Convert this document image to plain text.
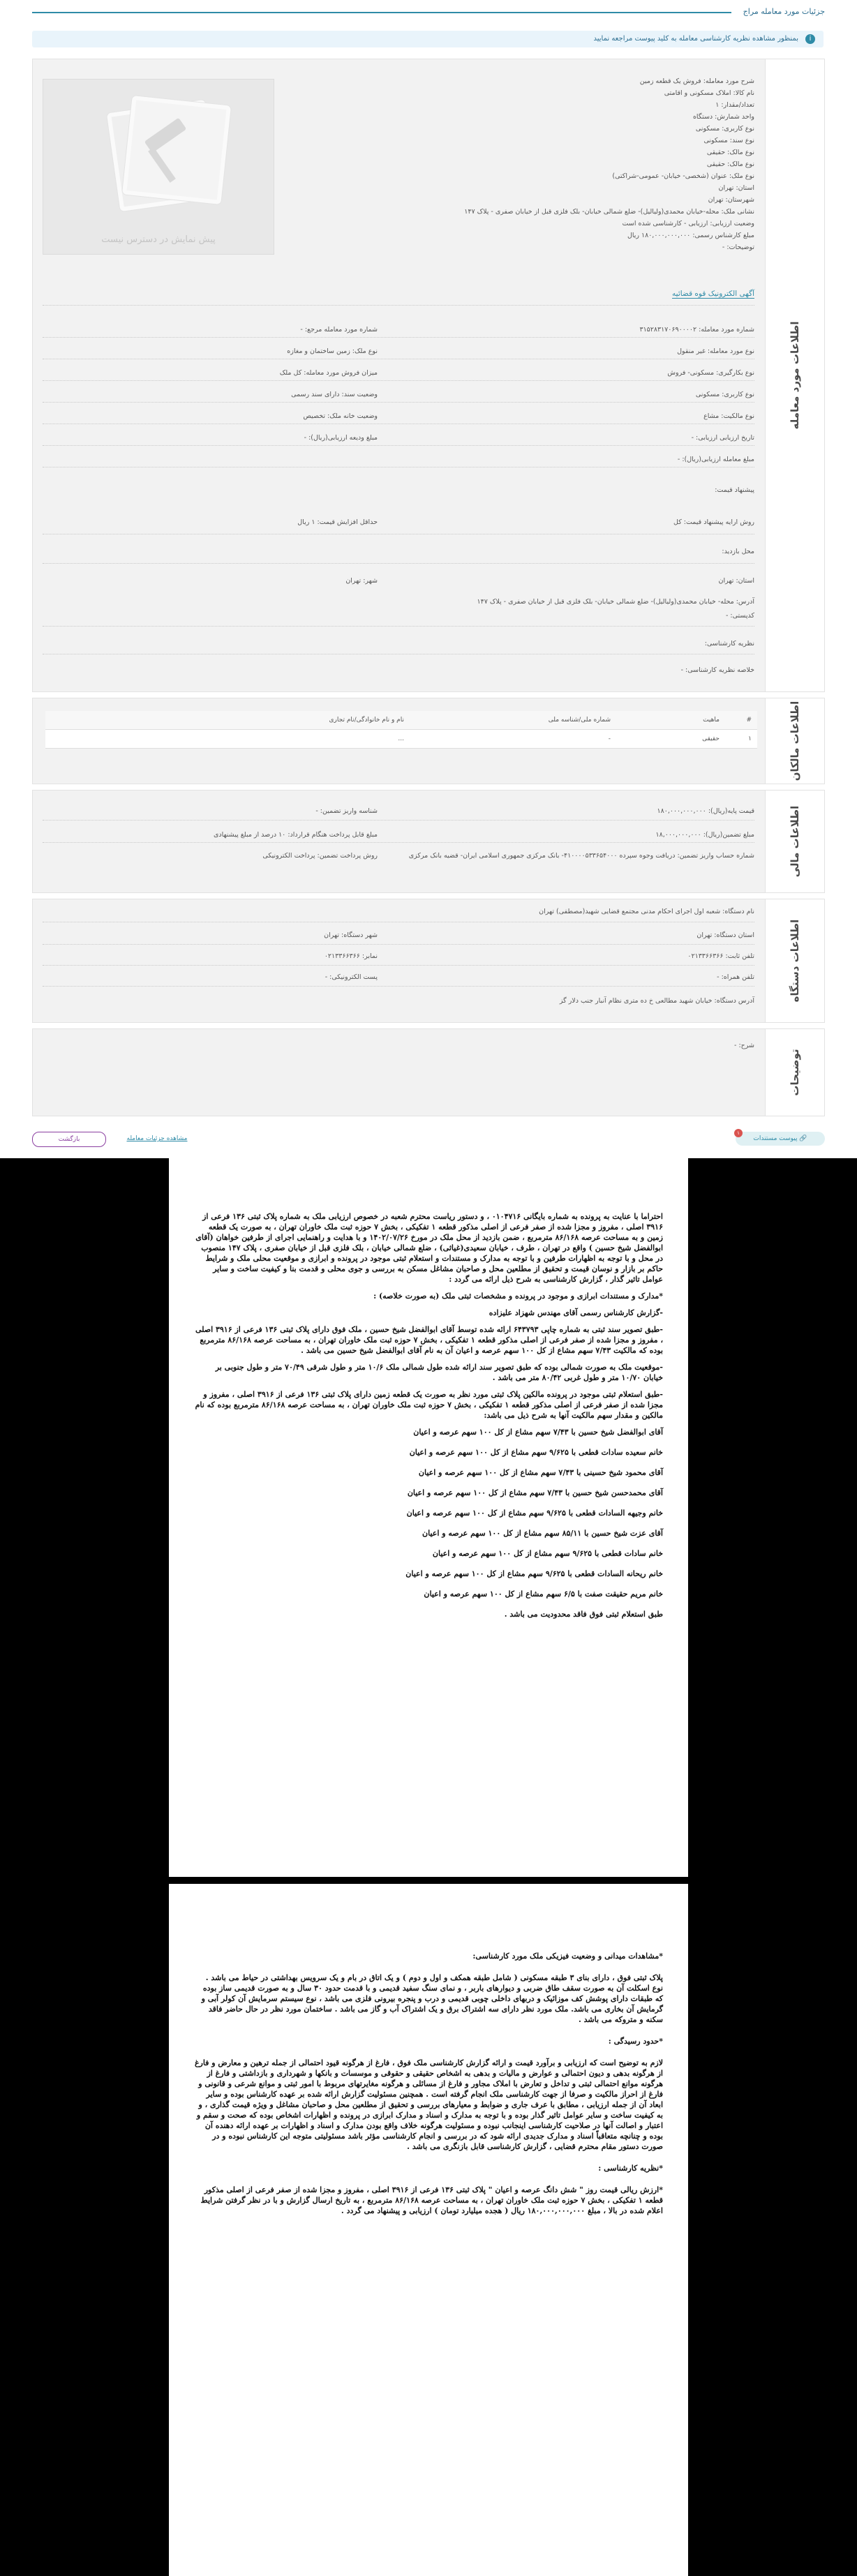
جزئیات مورد معامله مراج
i
بمنظور مشاهده نظریه کارشناسی معامله به کلید پیوست مراجعه نمایید
اطلاعات مورد معامله
شرح مورد معامله: فروش یک قطعه زمین
نام کالا: املاک مسکونی و اقامتی
تعداد/مقدار: ۱
واحد شمارش: دستگاه
نوع کاربری: مسکونی
نوع سند: مسکونی
نوع مالک: حقیقی
نوع مالک: حقیقی
نوع ملک: عنوان (شخصی- خیابان- عمومی-شراکتی)
استان: تهران
شهرستان: تهران
نشانی ملک: محله-خیابان محمدی(ولیالیل)- ضلع شمالی خیابان- بلک فلزی قبل از خیابان صفری - پلاک ۱۴۷
وضعیت ارزیابی: ارزیابی - کارشناسی شده است
مبلغ کارشناس رسمی: ۱۸۰,۰۰۰,۰۰۰,۰۰۰ ریال
توضیحات: -
پیش نمایش در دسترس نیست
آگهی الکترونیک قوه قضائیه
شماره مورد معامله: ۳۱۵۲۸۳۱۷۰۶۹۰۰۰۰۲
نوع مورد معامله: غیر منقول
نوع بکارگیری: مسکونی- فروش
نوع کاربری: مسکونی
نوع مالکیت: مشاع
تاریخ ارزیابی ارزیابی: -
مبلغ معامله ارزیابی(ریال): -
شماره مورد معامله مرجع: -
نوع ملک: زمین ساختمان و مغازه
میزان فروش مورد معامله: کل ملک
وضعیت سند: دارای سند رسمی
وضعیت خانه ملک: تخصیص
مبلغ ودیعه ارزیابی(ریال): -
پیشنهاد قیمت:
روش ارایه پیشنهاد قیمت: کل
حداقل افزایش قیمت: ۱ ریال
محل بازدید:
استان: تهران
شهر: تهران
آدرس: محله- خیابان محمدی(ولیالیل)- ضلع شمالی خیابان- بلک فلزی قبل از خیابان صفری - پلاک ۱۴۷
کدپستی: -
نظریه کارشناسی:
خلاصه نظریه کارشناسی: -
اطلاعات مالکان
#	ماهیت	شماره ملی/شناسه ملی	نام و نام خانوادگی/نام تجاری
۱	حقیقی	-	...
اطلاعات مالی
قیمت پایه(ریال): ۱۸۰,۰۰۰,۰۰۰,۰۰۰
مبلغ تضمین(ریال): ۱۸,۰۰۰,۰۰۰,۰۰۰
شماره حساب واریز تضمین: دریافت وجوه سپرده ۴۱۰۰۰۰۵۳۳۶۵۴۰۰۰- بانک مرکزی جمهوری اسلامی ایران- قضیه بانک مرکزی
شناسه واریز تضمین: -
مبلغ قابل پرداخت هنگام قرارداد: ۱۰ درصد از مبلغ پیشنهادی
روش پرداخت تضمین: پرداخت الکترونیکی
اطلاعات دستگاه
نام دستگاه: شعبه اول اجرای احکام مدنی مجتمع قضایی شهید(مصطفی) تهران
استان دستگاه: تهران
شهر دستگاه: تهران
تلفن ثابت: ۰۲۱۳۳۶۶۳۶۶
نمابر: ۰۲۱۳۳۶۶۳۶۶
تلفن همراه: -
پست الکترونیکی: -
آدرس دستگاه: خیابان شهید مطالعی خ ده متری نظام آنبار جنب دلار گز
توضیحات
شرح: -
🔗 پیوست مستندات
۱
مشاهده جزئیات معامله
بازگشت

احتراما با عنایت به پرونده به شماره بایگانی ۰۱۰۴۷۱۶ ، و دستور ریاست محترم شعبه در خصوص ارزیابی ملک به شماره پلاک ثبتی ۱۳۶ فرعی از ۳۹۱۶ اصلی ، مفروز و مجزا شده از صفر فرعی از اصلی مذکور قطعه ۱ تفکیکی ، بخش ۷ حوزه ثبت ملک خاوران تهران ، به صورت یک قطعه زمین و به مساحت عرصه ۸۶/۱۶۸ مترمربع ، ضمن بازدید از محل ملک در مورخ ۱۴۰۲/۰۷/۲۶ و با هدایت و راهنمایی اجرای از طرفین خواهان (آقای ابوالفضل شیخ حسین ) واقع در تهران ، طرف ، خیابان سعیدی(غیاثی) ، ضلع شمالی خیابان ، بلک فلزی قبل از خیابان صفری ، پلاک ۱۴۷ منصوب در محل و با توجه به اظهارات طرفین و با توجه به مدارک و مستندات و استعلام ثبتی موجود در پرونده و ابرازی و موقعیت محلی ملک و شرایط حاکم بر بازار و نوسان قیمت و تحقیق از مطلعین محل و صاحبان مشاغل مسکن به بررسی و جوی محلی و قدمت بنا و کیفیت ساخت و سایر عوامل تاثیر گذار ، گزارش کارشناسی به شرح ذیل ارائه می گردد :

*مدارک و مستندات ابرازی و موجود در پرونده و مشخصات ثبتی ملک (به صورت خلاصه) :

-گزارش کارشناس رسمی آقای مهندس شهزاد علیزاده

-طبق تصویر سند ثبتی به شماره چاپی ۶۴۳۷۹۳ ارائه شده توسط آقای ابوالفضل شیخ حسین ، ملک فوق دارای پلاک ثبتی ۱۳۶ فرعی از ۳۹۱۶ اصلی ، مفروز و مجزا شده از صفر فرعی از اصلی مذکور قطعه ۱ تفکیکی ، بخش ۷ حوزه ثبت ملک خاوران تهران ، به مساحت عرصه ۸۶/۱۶۸ مترمربع بوده که مالکیت ۷/۴۳ سهم مشاع از کل ۱۰۰ سهم عرصه و اعیان آن به نام آقای ابوالفضل شیخ حسین می باشد .

-موقعیت ملک به صورت شمالی بوده که طبق تصویر سند ارائه شده طول شمالی ملک ۱۰/۶ متر و طول شرقی ۷۰/۴۹ متر و طول جنوبی بر خیابان ۱۰/۷۰ متر و طول غربی ۸۰/۴۲ متر می باشد .

-طبق استعلام ثبتی موجود در پرونده مالکین پلاک ثبتی مورد نظر به صورت یک قطعه زمین دارای پلاک ثبتی ۱۳۶ فرعی از ۳۹۱۶ اصلی ، مفروز و مجزا شده از صفر فرعی از اصلی مذکور قطعه ۱ تفکیکی ، بخش ۷ حوزه ثبت ملک خاوران تهران ، به مساحت عرصه ۸۶/۱۶۸ مترمربع بوده که نام مالکین و مقدار سهم مالکیت آنها به شرح ذیل می باشد:

آقای ابوالفضل شیخ حسین با ۷/۴۳ سهم مشاع از کل ۱۰۰ سهم عرصه و اعیان

خانم سعیده سادات قطعی با ۹/۶۲۵ سهم مشاع از کل ۱۰۰ سهم عرصه و اعیان

آقای محمود شیخ حسینی با ۷/۴۳ سهم مشاع از کل ۱۰۰ سهم عرصه و اعیان

آقای محمدحسن شیخ حسین با ۷/۴۳ سهم مشاع از کل ۱۰۰ سهم عرصه و اعیان

خانم وجیهه السادات قطعی با ۹/۶۲۵ سهم مشاع از کل ۱۰۰ سهم عرصه و اعیان

آقای عزت شیخ حسین با ۸۵/۱۱ سهم مشاع از کل ۱۰۰ سهم عرصه و اعیان

خانم سادات قطعی با ۹/۶۲۵ سهم مشاع از کل ۱۰۰ سهم عرصه و اعیان

خانم ریحانه السادات قطعی با ۹/۶۲۵ سهم مشاع از کل ۱۰۰ سهم عرصه و اعیان

خانم مریم حقیقت صفت با ۶/۵ سهم مشاع از کل ۱۰۰ سهم عرصه و اعیان

طبق استعلام ثبتی فوق فاقد محدودیت می باشد .

*مشاهدات میدانی و وضعیت فیزیکی ملک مورد کارشناسی:

پلاک ثبتی فوق ، دارای بنای ۳ طبقه مسکونی ( شامل طبقه همکف و اول و دوم ) و یک اتاق در بام و یک سرویس بهداشتی در حیاط می باشد . نوع اسکلت آن به صورت سقف طاق ضربی و دیوارهای باربر ، و نمای سنگ سفید قدیمی و با قدمت حدود ۳۰ سال و به صورت قدیمی ساز بوده که طبقات دارای پوشش کف موزائیک و دربهای داخلی چوبی قدیمی و درب و پنجره بیرونی فلزی می باشد ، نوع سیستم سرمایش آن کولر آبی و گرمایش آن بخاری می باشد. ملک مورد نظر دارای سه اشتراک برق و یک اشتراک آب و گاز می باشد . ساختمان مورد نظر در حال حاضر فاقد سکنه و متروکه می باشد .

*حدود رسیدگی :

لازم به توضیح است که ارزیابی و برآورد قیمت و ارائه گزارش کارشناسی ملک فوق ، فارغ از هرگونه قیود احتمالی از جمله ترهین و معارض و فارغ از هرگونه بدهی و دیون احتمالی و عوارض و مالیات و بدهی به اشخاص حقیقی و حقوقی و موسسات و بانکها و شهرداری و بازداشتی و فارغ از هرگونه موانع احتمالی ثبتی و تداخل و تعارض با املاک مجاور و فارغ از مسائلی و هرگونه مغایرتهای مربوط با امور ثبتی و موانع شرعی و قانونی و فارغ از احراز مالکیت و صرفا از جهت کارشناسی ملک انجام گرفته است . همچنین مسئولیت گزارش ارائه شده بر عهده کارشناس بوده و سایر ابعاد آن از جمله ارزیابی ، مطابق با عرف جاری و ضوابط و معیارهای بررسی و تحقیق از مطلعین محل و صاحبان مشاغل و ویژه قیمت گذاری ، و به کیفیت ساخت و سایر عوامل تاثیر گذار بوده و با توجه به مدارک و اسناد و مدارک ابرازی در پرونده و اظهارات اشخاص بوده که صحت و سقم و اعتبار و اصالت آنها در صلاحیت کارشناسی اینجانب نبوده و مسئولیت هرگونه خلاف واقع بودن مدارک و اسناد و اظهارات بر عهده ارائه دهنده آن بوده و چنانچه متعاقباً اسناد و مدارک جدیدی ارائه شود که در بررسی و انجام کارشناسی مؤثر باشد مسئولیتی متوجه این کارشناس نبوده و در صورت دستور مقام محترم قضایی ، گزارش کارشناسی قابل بازنگری می باشد .

*نظریه کارشناسی :

*ارزش ریالی قیمت روز " شش دانگ عرصه و اعیان " پلاک ثبتی ۱۳۶ فرعی از ۳۹۱۶ اصلی ، مفروز و مجزا شده از صفر فرعی از اصلی مذکور قطعه ۱ تفکیکی ، بخش ۷ حوزه ثبت ملک خاوران تهران ، به مساحت عرصه ۸۶/۱۶۸ مترمربع ، به تاریخ ارسال گزارش و با در نظر گرفتن شرایط اعلام شده در بالا ، مبلغ ۱۸۰,۰۰۰,۰۰۰,۰۰۰ ریال ( هجده میلیارد تومان ) ارزیابی و پیشنهاد می گردد .
